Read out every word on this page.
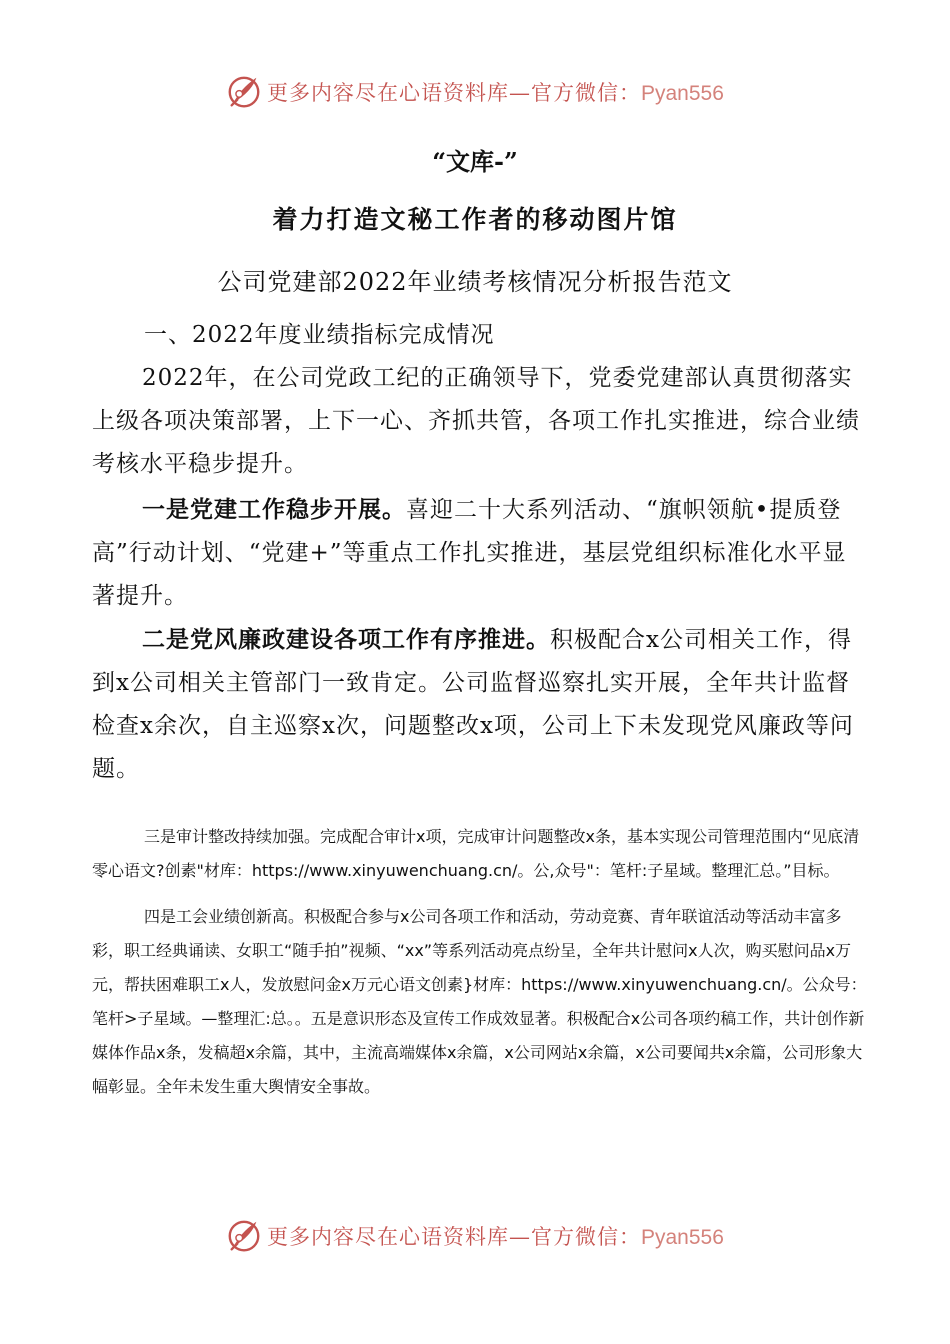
更多内容尽在心语资料库—官方微信：Pyan556
“文库-”
着力打造文秘工作者的移动图片馆
公司党建部2022年业绩考核情况分析报告范文
一、2022年度业绩指标完成情况

2022年，在公司党政工纪的正确领导下，党委党建部认真贯彻落实上级各项决策部署，上下一心、齐抓共管，各项工作扎实推进，综合业绩考核水平稳步提升。

一是党建工作稳步开展。喜迎二十大系列活动、“旗帜领航•提质登高”行动计划、“党建+”等重点工作扎实推进，基层党组织标准化水平显著提升。

二是党风廉政建设各项工作有序推进。积极配合x公司相关工作，得到x公司相关主管部门一致肯定。公司监督巡察扎实开展，全年共计监督检查x余次，自主巡察x次，问题整改x项，公司上下未发现党风廉政等问题。

三是审计整改持续加强。完成配合审计x项，完成审计问题整改x条，基本实现公司管理范围内“见底清零心语文?创素"材库：https://www.xinyuwenchuang.cn/。公,众号"：笔杆:子星域。整理汇总。”目标。

四是工会业绩创新高。积极配合参与x公司各项工作和活动，劳动竞赛、青年联谊活动等活动丰富多彩，职工经典诵读、女职工“随手拍”视频、“xx”等系列活动亮点纷呈，全年共计慰问x人次，购买慰问品x万元，帮扶困难职工x人，发放慰问金x万元心语文创素}材库：https://www.xinyuwenchuang.cn/。公众号：笔杆>子星域。—整理汇:总。。五是意识形态及宣传工作成效显著。积极配合x公司各项约稿工作，共计创作新媒体作品x条，发稿超x余篇，其中，主流高端媒体x余篇，x公司网站x余篇，x公司要闻共x余篇，公司形象大幅彰显。全年未发生重大舆情安全事故。

更多内容尽在心语资料库—官方微信：Pyan556
